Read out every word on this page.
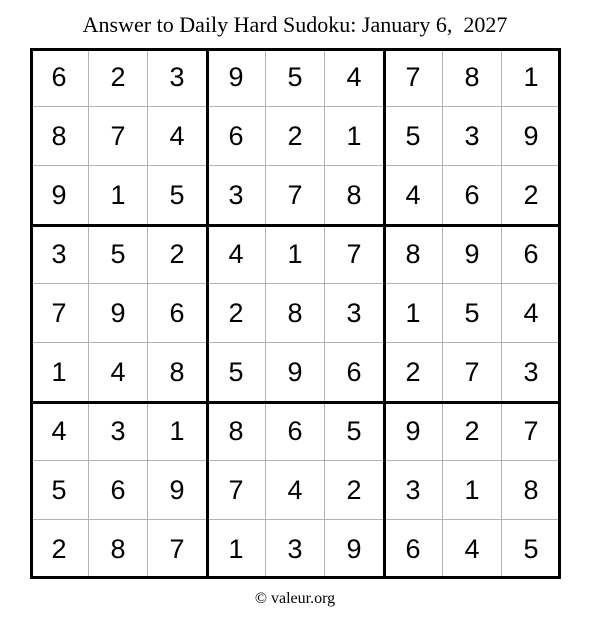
Answer to Daily Hard Sudoku: January 6,  2027
6	2	3	9	5	4	7	8	1
8	7	4	6	2	1	5	3	9
9	1	5	3	7	8	4	6	2
3	5	2	4	1	7	8	9	6
7	9	6	2	8	3	1	5	4
1	4	8	5	9	6	2	7	3
4	3	1	8	6	5	9	2	7
5	6	9	7	4	2	3	1	8
2	8	7	1	3	9	6	4	5
© valeur.org
